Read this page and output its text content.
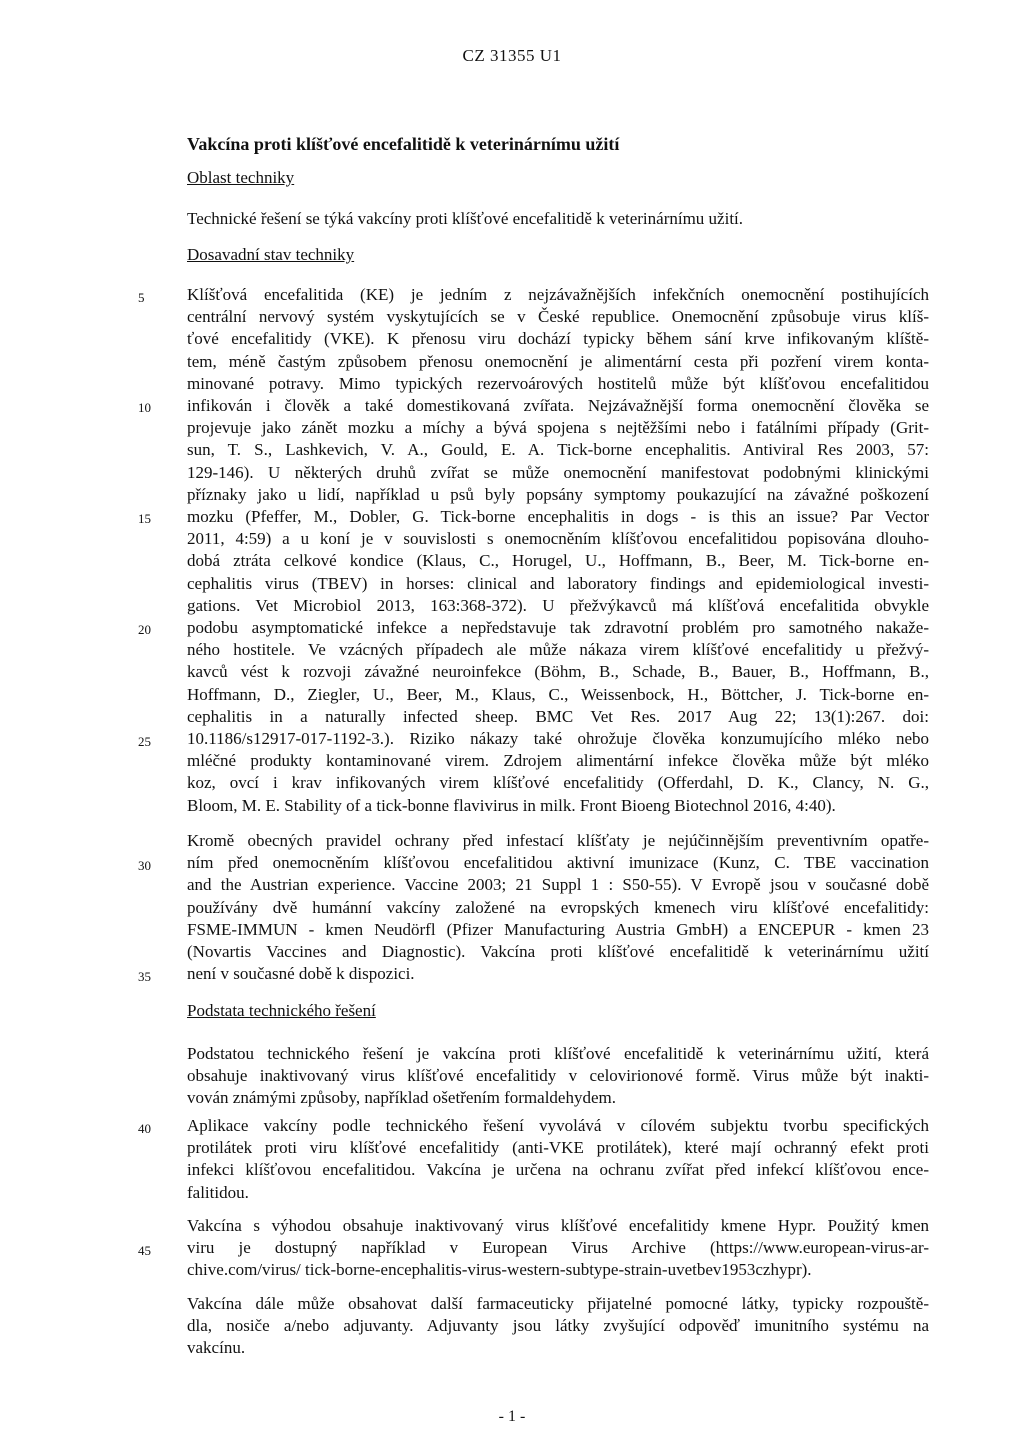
CZ 31355 U1
Vakcína proti klíšťové encefalitidě k veterinárnímu užití
Oblast techniky
Technické řešení se týká vakcíny proti klíšťové encefalitidě k veterinárnímu užití.
Dosavadní stav techniky
Klíšťová encefalitida (KE) je jedním z nejzávažnějších infekčních onemocnění postihujících
centrální nervový systém vyskytujících se v České republice. Onemocnění způsobuje virus klíš-
ťové encefalitidy (VKE). K přenosu viru dochází typicky během sání krve infikovaným klíště-
tem, méně častým způsobem přenosu onemocnění je alimentární cesta při pozření virem konta-
minované potravy. Mimo typických rezervoárových hostitelů může být klíšťovou encefalitidou
infikován i člověk a také domestikovaná zvířata. Nejzávažnější forma onemocnění člověka se
projevuje jako zánět mozku a míchy a bývá spojena s nejtěžšími nebo i fatálními případy (Grit-
sun, T. S., Lashkevich, V. A., Gould, E. A. Tick-borne encephalitis. Antiviral Res 2003, 57:
129-146). U některých druhů zvířat se může onemocnění manifestovat podobnými klinickými
příznaky jako u lidí, například u psů byly popsány symptomy poukazující na závažné poškození
mozku (Pfeffer, M., Dobler, G. Tick-borne encephalitis in dogs - is this an issue? Par Vector
2011, 4:59) a u koní je v souvislosti s onemocněním klíšťovou encefalitidou popisována dlouho-
dobá ztráta celkové kondice (Klaus, C., Horugel, U., Hoffmann, B., Beer, M. Tick-borne en-
cephalitis virus (TBEV) in horses: clinical and laboratory findings and epidemiological investi-
gations. Vet Microbiol 2013, 163:368-372). U přežvýkavců má klíšťová encefalitida obvykle
podobu asymptomatické infekce a nepředstavuje tak zdravotní problém pro samotného nakaže-
ného hostitele. Ve vzácných případech ale může nákaza virem klíšťové encefalitidy u přežvý-
kavců vést k rozvoji závažné neuroinfekce (Böhm, B., Schade, B., Bauer, B., Hoffmann, B.,
Hoffmann, D., Ziegler, U., Beer, M., Klaus, C., Weissenbock, H., Böttcher, J. Tick-borne en-
cephalitis in a naturally infected sheep. BMC Vet Res. 2017 Aug 22; 13(1):267. doi:
10.1186/s12917-017-1192-3.). Riziko nákazy také ohrožuje člověka konzumujícího mléko nebo
mléčné produkty kontaminované virem. Zdrojem alimentární infekce člověka může být mléko
koz, ovcí i krav infikovaných virem klíšťové encefalitidy (Offerdahl, D. K., Clancy, N. G.,
Bloom, M. E. Stability of a tick-bonne flavivirus in milk. Front Bioeng Biotechnol 2016, 4:40).
Kromě obecných pravidel ochrany před infestací klíšťaty je nejúčinnějším preventivním opatře-
ním před onemocněním klíšťovou encefalitidou aktivní imunizace (Kunz, C. TBE vaccination
and the Austrian experience. Vaccine 2003; 21 Suppl 1 : S50-55). V Evropě jsou v současné době
používány dvě humánní vakcíny založené na evropských kmenech viru klíšťové encefalitidy:
FSME-IMMUN - kmen Neudörfl (Pfizer Manufacturing Austria GmbH) a ENCEPUR - kmen 23
(Novartis Vaccines and Diagnostic). Vakcína proti klíšťové encefalitidě k veterinárnímu užití
není v současné době k dispozici.
Podstata technického řešení
Podstatou technického řešení je vakcína proti klíšťové encefalitidě k veterinárnímu užití, která
obsahuje inaktivovaný virus klíšťové encefalitidy v celovirionové formě. Virus může být inakti-
vován známými způsoby, například ošetřením formaldehydem.
Aplikace vakcíny podle technického řešení vyvolává v cílovém subjektu tvorbu specifických
protilátek proti viru klíšťové encefalitidy (anti-VKE protilátek), které mají ochranný efekt proti
infekci klíšťovou encefalitidou. Vakcína je určena na ochranu zvířat před infekcí klíšťovou ence-
falitidou.
Vakcína s výhodou obsahuje inaktivovaný virus klíšťové encefalitidy kmene Hypr. Použitý kmen
viru je dostupný například v European Virus Archive (https://www.european-virus-ar-
chive.com/virus/ tick-borne-encephalitis-virus-western-subtype-strain-uvetbev1953czhypr).
Vakcína dále může obsahovat další farmaceuticky přijatelné pomocné látky, typicky rozpouště-
dla, nosiče a/nebo adjuvanty. Adjuvanty jsou látky zvyšující odpověď imunitního systému na
vakcínu.
5
10
15
20
25
30
35
40
45
- 1 -
